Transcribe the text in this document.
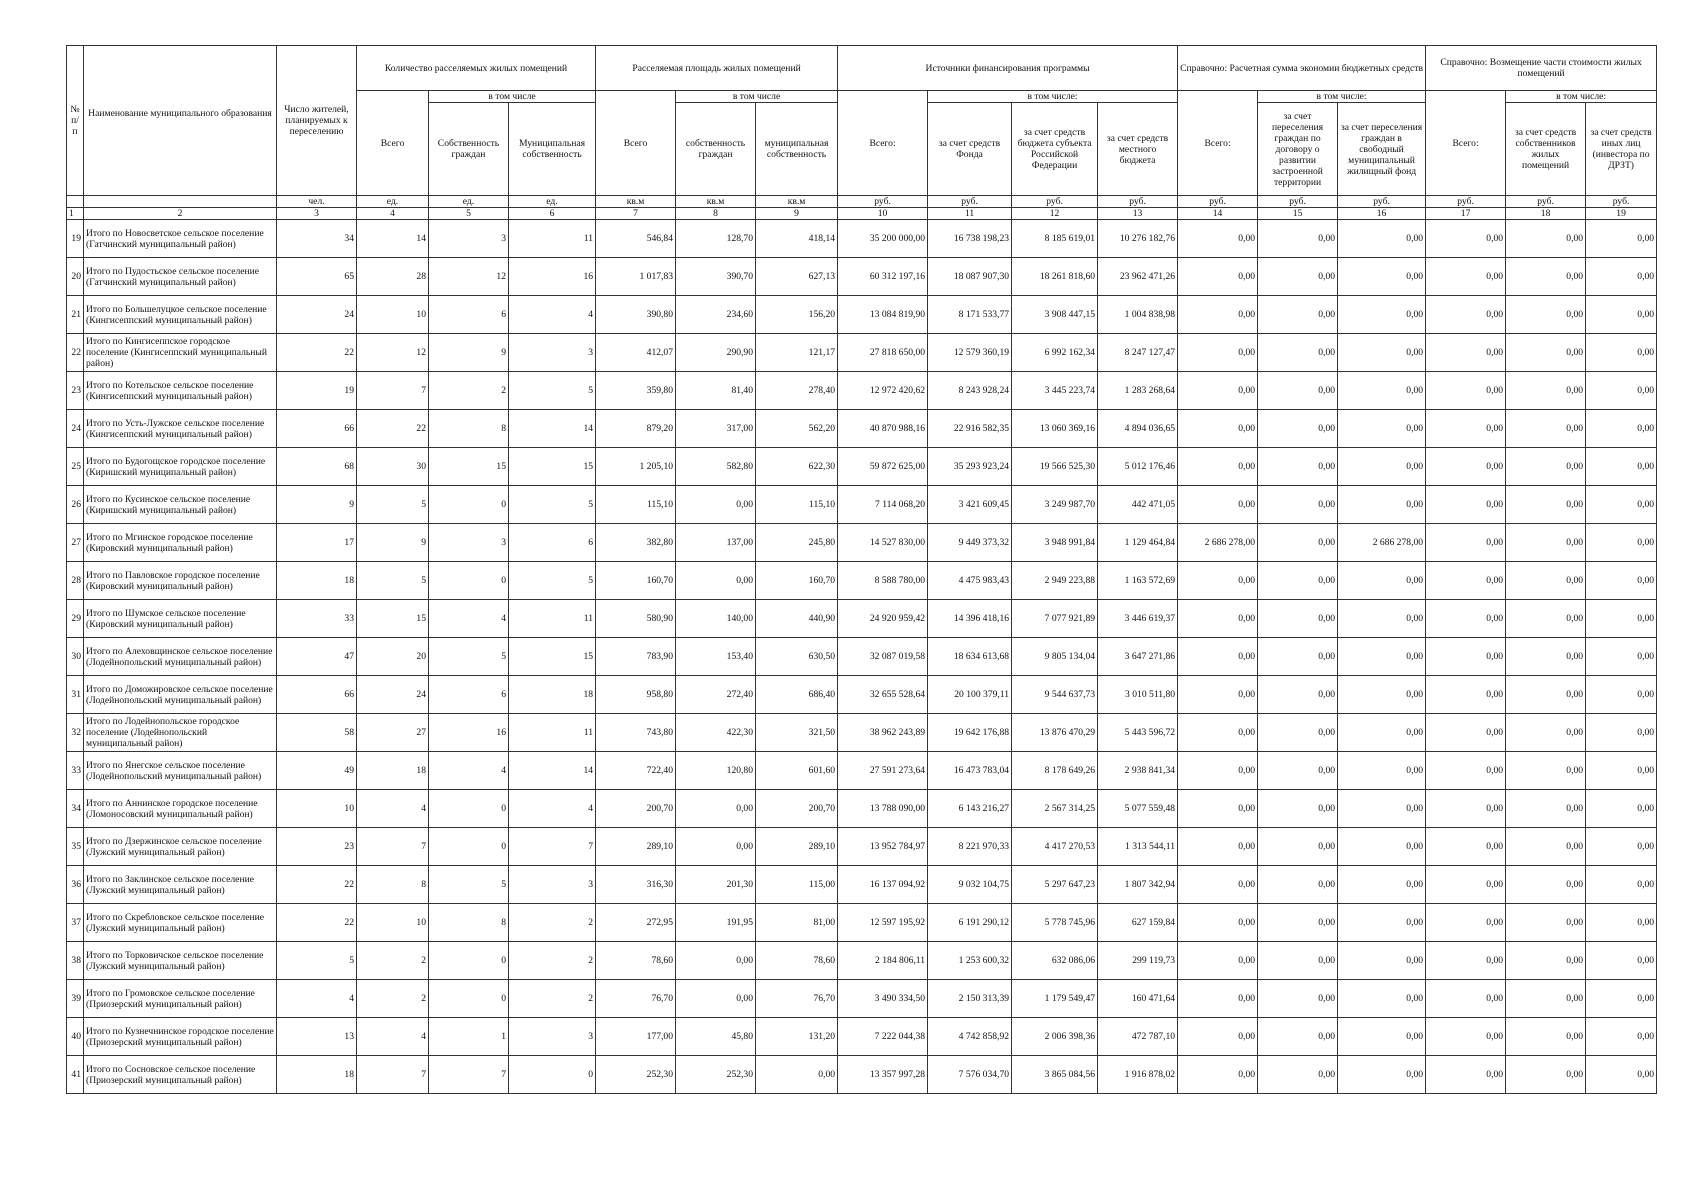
№ п/п	Наименование муниципального образования	Число жителей, планируемых к переселению	Количество расселяемых жилых помещений			Расселяемая площадь жилых помещений			Источники финансирования программы				Справочно: Расчетная сумма экономии бюджетных средств			Справочно: Возмещение части стоимости жилых помещений		
			Всего	в том числе		Всего	в том числе		Всего:	в том числе:			Всего:	в том числе:		Всего:	в том числе:	
				Собственность граждан	Муниципальная собственность		собственность граждан	муниципальная собственность		за счет средств Фонда	за счет средств бюджета субъекта Российской Федерации	за счет средств местного бюджета		за счет переселения граждан по договору о развитии застроенной территории	за счет переселения граждан в свободный муниципальный жилищный фонд		за счет средств собственников жилых помещений	за счет средств иных лиц (инвестора по ДРЗТ)
		чел.	ед.	ед.	ед.	кв.м	кв.м	кв.м	руб.	руб.	руб.	руб.	руб.	руб.	руб.	руб.	руб.	руб.
1	2	3	4	5	6	7	8	9	10	11	12	13	14	15	16	17	18	19
19	Итого по Новосветское сельское поселение (Гатчинский муниципальный район)	34	14	3	11	546,84	128,70	418,14	35 200 000,00	16 738 198,23	8 185 619,01	10 276 182,76	0,00	0,00	0,00	0,00	0,00	0,00
20	Итого по Пудостьское сельское поселение (Гатчинский муниципальный район)	65	28	12	16	1 017,83	390,70	627,13	60 312 197,16	18 087 907,30	18 261 818,60	23 962 471,26	0,00	0,00	0,00	0,00	0,00	0,00
21	Итого по Большелуцкое сельское поселение (Кингисеппский муниципальный район)	24	10	6	4	390,80	234,60	156,20	13 084 819,90	8 171 533,77	3 908 447,15	1 004 838,98	0,00	0,00	0,00	0,00	0,00	0,00
22	Итого по Кингисеппское городское поселение (Кингисеппский муниципальный район)	22	12	9	3	412,07	290,90	121,17	27 818 650,00	12 579 360,19	6 992 162,34	8 247 127,47	0,00	0,00	0,00	0,00	0,00	0,00
23	Итого по Котельское сельское поселение (Кингисеппский муниципальный район)	19	7	2	5	359,80	81,40	278,40	12 972 420,62	8 243 928,24	3 445 223,74	1 283 268,64	0,00	0,00	0,00	0,00	0,00	0,00
24	Итого по Усть-Лужское сельское поселение (Кингисеппский муниципальный район)	66	22	8	14	879,20	317,00	562,20	40 870 988,16	22 916 582,35	13 060 369,16	4 894 036,65	0,00	0,00	0,00	0,00	0,00	0,00
25	Итого по Будогощское городское поселение (Киришский муниципальный район)	68	30	15	15	1 205,10	582,80	622,30	59 872 625,00	35 293 923,24	19 566 525,30	5 012 176,46	0,00	0,00	0,00	0,00	0,00	0,00
26	Итого по Кусинское сельское поселение (Киришский муниципальный район)	9	5	0	5	115,10	0,00	115,10	7 114 068,20	3 421 609,45	3 249 987,70	442 471,05	0,00	0,00	0,00	0,00	0,00	0,00
27	Итого по Мгинское городское поселение (Кировский муниципальный район)	17	9	3	6	382,80	137,00	245,80	14 527 830,00	9 449 373,32	3 948 991,84	1 129 464,84	2 686 278,00	0,00	2 686 278,00	0,00	0,00	0,00
28	Итого по Павловское городское поселение (Кировский муниципальный район)	18	5	0	5	160,70	0,00	160,70	8 588 780,00	4 475 983,43	2 949 223,88	1 163 572,69	0,00	0,00	0,00	0,00	0,00	0,00
29	Итого по Шумское сельское поселение (Кировский муниципальный район)	33	15	4	11	580,90	140,00	440,90	24 920 959,42	14 396 418,16	7 077 921,89	3 446 619,37	0,00	0,00	0,00	0,00	0,00	0,00
30	Итого по Алеховщинское сельское поселение (Лодейнопольский муниципальный район)	47	20	5	15	783,90	153,40	630,50	32 087 019,58	18 634 613,68	9 805 134,04	3 647 271,86	0,00	0,00	0,00	0,00	0,00	0,00
31	Итого по Доможировское сельское поселение (Лодейнопольский муниципальный район)	66	24	6	18	958,80	272,40	686,40	32 655 528,64	20 100 379,11	9 544 637,73	3 010 511,80	0,00	0,00	0,00	0,00	0,00	0,00
32	Итого по Лодейнопольское городское поселение (Лодейнопольский муниципальный район)	58	27	16	11	743,80	422,30	321,50	38 962 243,89	19 642 176,88	13 876 470,29	5 443 596,72	0,00	0,00	0,00	0,00	0,00	0,00
33	Итого по Янегское сельское поселение (Лодейнопольский муниципальный район)	49	18	4	14	722,40	120,80	601,60	27 591 273,64	16 473 783,04	8 178 649,26	2 938 841,34	0,00	0,00	0,00	0,00	0,00	0,00
34	Итого по Аннинское городское поселение (Ломоносовский муниципальный район)	10	4	0	4	200,70	0,00	200,70	13 788 090,00	6 143 216,27	2 567 314,25	5 077 559,48	0,00	0,00	0,00	0,00	0,00	0,00
35	Итого по Дзержинское сельское поселение (Лужский муниципальный район)	23	7	0	7	289,10	0,00	289,10	13 952 784,97	8 221 970,33	4 417 270,53	1 313 544,11	0,00	0,00	0,00	0,00	0,00	0,00
36	Итого по Заклинское сельское поселение (Лужский муниципальный район)	22	8	5	3	316,30	201,30	115,00	16 137 094,92	9 032 104,75	5 297 647,23	1 807 342,94	0,00	0,00	0,00	0,00	0,00	0,00
37	Итого по Скребловское сельское поселение (Лужский муниципальный район)	22	10	8	2	272,95	191,95	81,00	12 597 195,92	6 191 290,12	5 778 745,96	627 159,84	0,00	0,00	0,00	0,00	0,00	0,00
38	Итого по Торковичское сельское поселение (Лужский муниципальный район)	5	2	0	2	78,60	0,00	78,60	2 184 806,11	1 253 600,32	632 086,06	299 119,73	0,00	0,00	0,00	0,00	0,00	0,00
39	Итого по Громовское сельское поселение (Приозерский муниципальный район)	4	2	0	2	76,70	0,00	76,70	3 490 334,50	2 150 313,39	1 179 549,47	160 471,64	0,00	0,00	0,00	0,00	0,00	0,00
40	Итого по Кузнечнинское городское поселение (Приозерский муниципальный район)	13	4	1	3	177,00	45,80	131,20	7 222 044,38	4 742 858,92	2 006 398,36	472 787,10	0,00	0,00	0,00	0,00	0,00	0,00
41	Итого по Сосновское сельское поселение (Приозерский муниципальный район)	18	7	7	0	252,30	252,30	0,00	13 357 997,28	7 576 034,70	3 865 084,56	1 916 878,02	0,00	0,00	0,00	0,00	0,00	0,00
